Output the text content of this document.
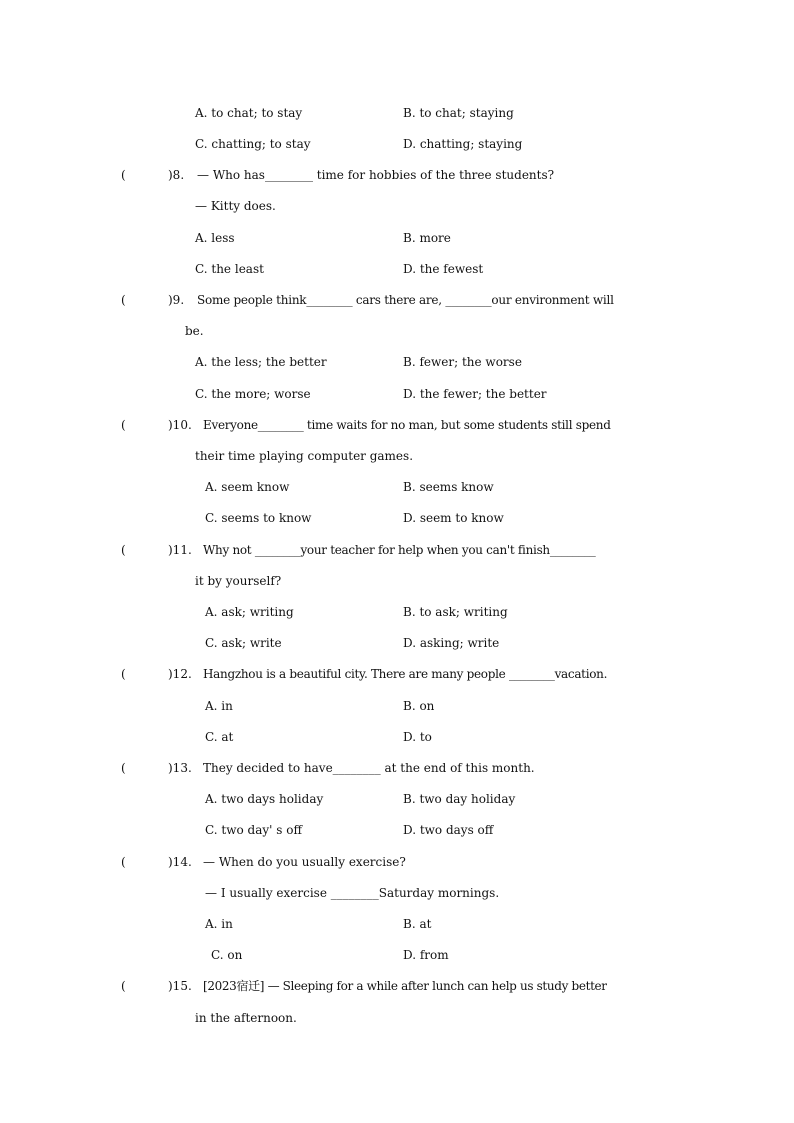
A. to chat; to stay	B. to chat; staying
C. chatting; to stay	D. chatting; staying
(	)8. — Who has________ time for hobbies of the three students?
— Kitty does.
A. less	B. more
C. the least	D. the fewest
(	)9. Some people think________ cars there are, ________our environment will
be.
A. the less; the better	B. fewer; the worse
C. the more; worse	D. the fewer; the better
(	)10. Everyone________ time waits for no man, but some students still spend
their time playing computer games.
A. seem know	B. seems know
C. seems to know	D. seem to know
(	)11. Why not ________your teacher for help when you can't finish________
it by yourself?
A. ask; writing	B. to ask; writing
C. ask; write	D. asking; write
(	)12. Hangzhou is a beautiful city. There are many people ________vacation.
A. in	B. on
C. at	D. to
(	)13. They decided to have________ at the end of this month.
A. two days holiday	B. two day holiday
C. two day' s off	D. two days off
(	)14. — When do you usually exercise?
— I usually exercise ________Saturday mornings.
A. in	B. at
C. on	D. from
(	)15. [2023宿迁] — Sleeping for a while after lunch can help us study better
in the afternoon.
